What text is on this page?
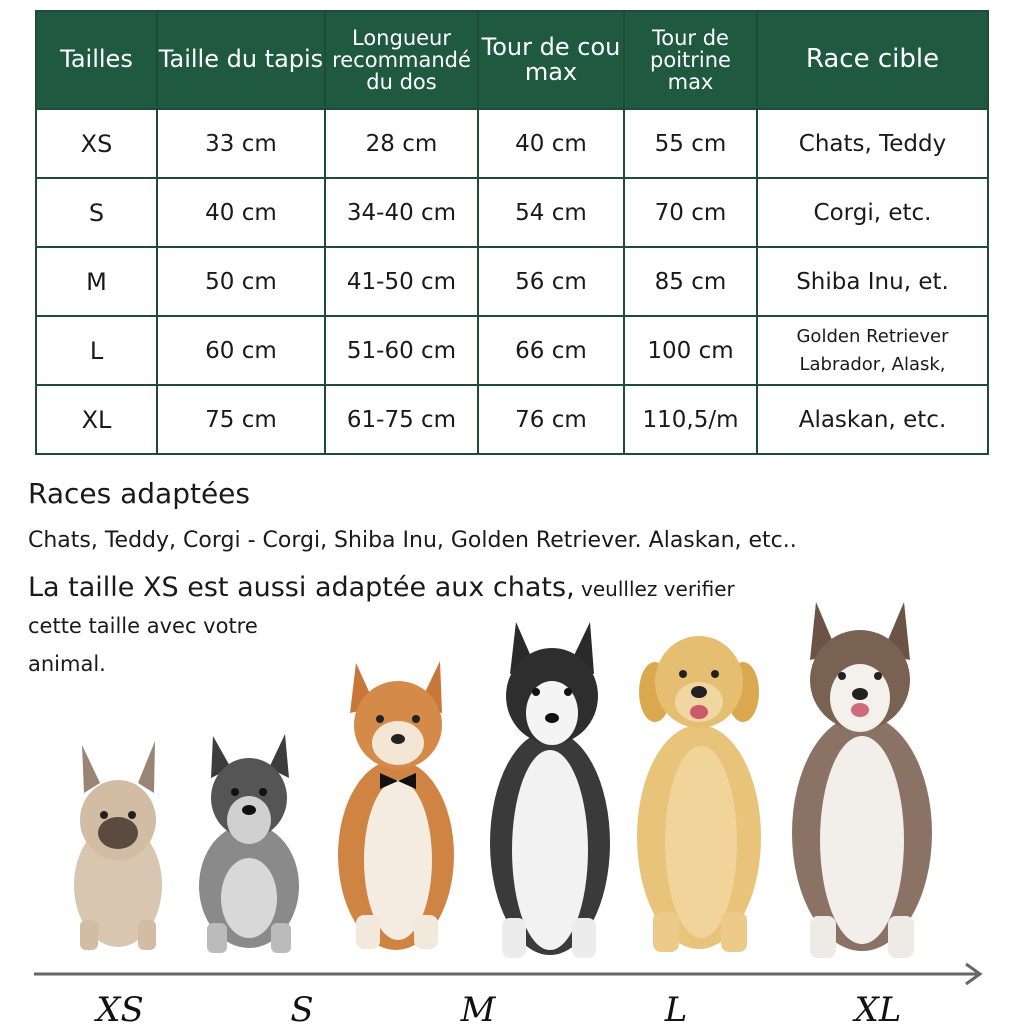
Tailles	Taille du tapis	Longueur recommandé du dos	Tour de cou max	Tour de poitrine max	Race cible
XS	33 cm	28 cm	40 cm	55 cm	Chats, Teddy
S	40 cm	34-40 cm	54 cm	70 cm	Corgi, etc.
M	50 cm	41-50 cm	56 cm	85 cm	Shiba Inu, et.
L	60 cm	51-60 cm	66 cm	100 cm	Golden Retriever
Labrador, Alask,

XL	75 cm	61-75 cm	76 cm	110,5/m	Alaskan, etc.
Races adaptées
Chats, Teddy, Corgi - Corgi, Shiba Inu, Golden Retriever. Alaskan, etc..
La taille XS est aussi adaptée aux chats, veulllez verifier
cette taille avec votre
animal.
XS	S	M	L	XL
